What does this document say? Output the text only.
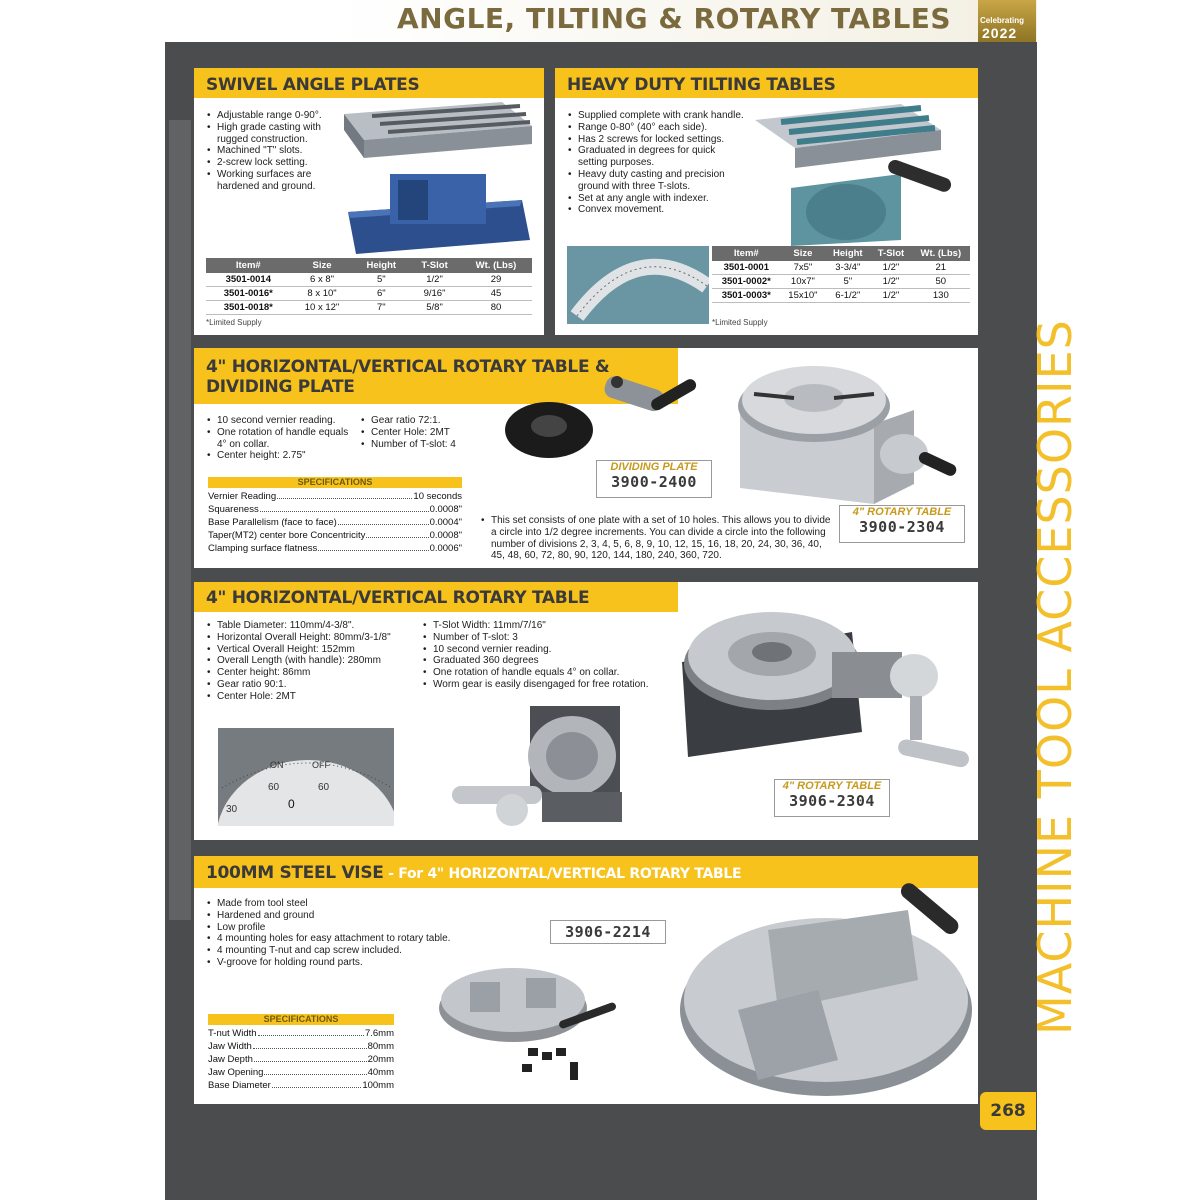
ANGLE, TILTING & ROTARY TABLES	Celebrating
2022
SWIVEL ANGLE PLATES
• Adjustable range 0-90°.
• High grade casting with rugged construction.
• Machined "T" slots.
• 2-screw lock setting.
• Working surfaces are hardened and ground.
Item#	Size	Height	T-Slot	Wt. (Lbs)
3501-0014	6 x 8"	5"	1/2"	29
3501-0016*	8 x 10"	6"	9/16"	45
3501-0018*	10 x 12"	7"	5/8"	80
*Limited Supply
HEAVY DUTY TILTING TABLES
• Supplied complete with crank handle.
• Range 0-80° (40° each side).
• Has 2 screws for locked settings.
• Graduated in degrees for quick setting purposes.
• Heavy duty casting and precision ground with three T-slots.
• Set at any angle with indexer.
• Convex movement.
Item#	Size	Height	T-Slot	Wt. (Lbs)
3501-0001	7x5"	3-3/4"	1/2"	21
3501-0002*	10x7"	5"	1/2"	50
3501-0003*	15x10"	6-1/2"	1/2"	130
*Limited Supply
4" HORIZONTAL/VERTICAL ROTARY TABLE &
DIVIDING PLATE
• 10 second vernier reading.
• One rotation of handle equals 4° on collar.
• Center height: 2.75"
• Gear ratio 72:1.
• Center Hole: 2MT
• Number of T-slot: 4
SPECIFICATIONS
Vernier Reading	10 seconds
Squareness	0.0008"
Base Parallelism (face to face)	0.0004"
Taper(MT2) center bore Concentricity	0.0008"
Clamping surface flatness	0.0006"
DIVIDING PLATE
3900-2400
4" ROTARY TABLE
3900-2304
• This set consists of one plate with a set of 10 holes. This allows you to divide a circle into 1/2 degree increments. You can divide a circle into the following number of divisions 2, 3, 4, 5, 6, 8, 9, 10, 12, 15, 16, 18, 20, 24, 30, 36, 40, 45, 48, 60, 72, 80, 90, 120, 144, 180, 240, 360, 720.
4" HORIZONTAL/VERTICAL ROTARY TABLE
• Table Diameter: 110mm/4-3/8".
• Horizontal Overall Height: 80mm/3-1/8"
• Vertical Overall Height: 152mm
• Overall Length (with handle): 280mm
• Center height: 86mm
• Gear ratio 90:1.
• Center Hole: 2MT
• T-Slot Width: 11mm/7/16"
• Number of T-slot: 3
• 10 second vernier reading.
• Graduated 360 degrees
• One rotation of handle equals 4° on collar.
• Worm gear is easily disengaged for free rotation.
ON	OFF
60	60
30	0
4" ROTARY TABLE
3906-2304
100MM STEEL VISE - For 4" HORIZONTAL/VERTICAL ROTARY TABLE
• Made from tool steel
• Hardened and ground
• Low profile
• 4 mounting holes for easy attachment to rotary table.
• 4 mounting T-nut and cap screw included.
• V-groove for holding round parts.
SPECIFICATIONS
T-nut Width	7.6mm
Jaw Width	80mm
Jaw Depth	20mm
Jaw Opening	40mm
Base Diameter	100mm
3906-2214	MACHINE TOOL ACCESSORIES
268
